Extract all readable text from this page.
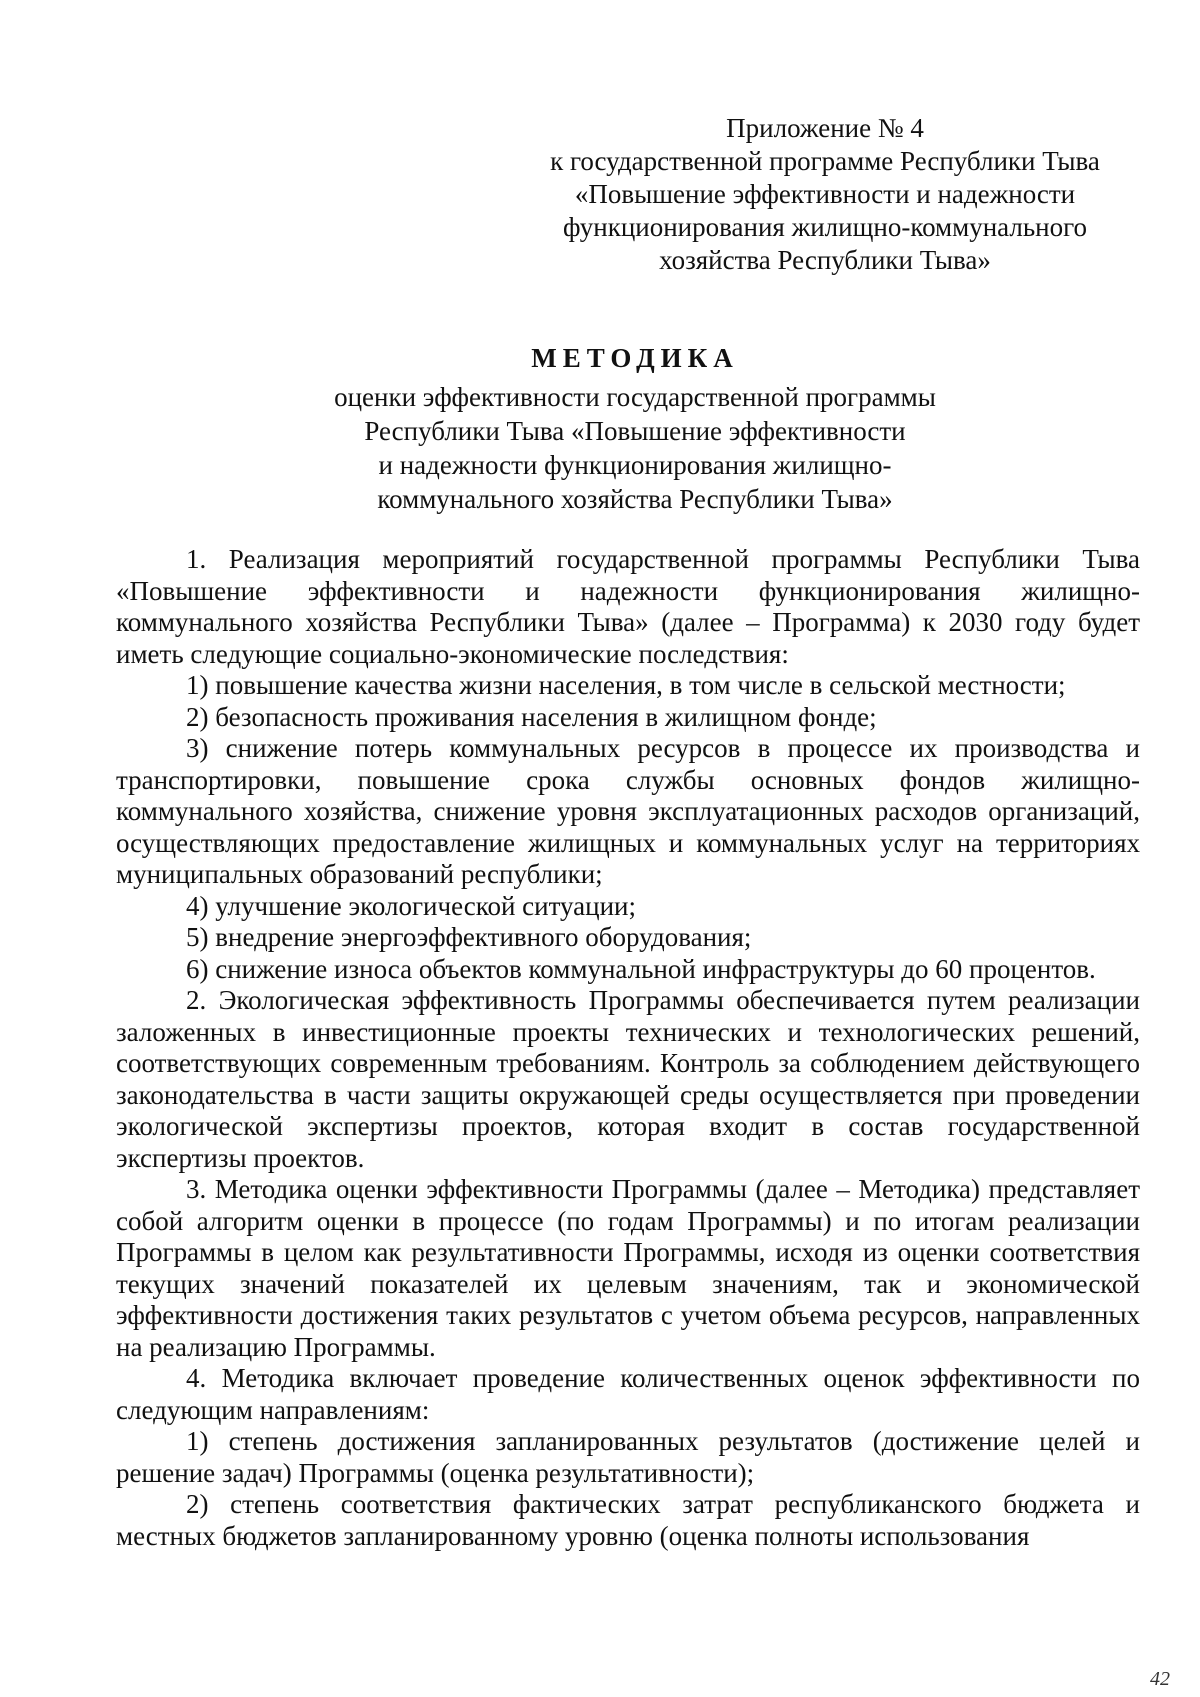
Приложение № 4
к государственной программе Республики Тыва
«Повышение эффективности и надежности
функционирования жилищно-коммунального
хозяйства Республики Тыва»
МЕТОДИКА
оценки эффективности государственной программы
Республики Тыва «Повышение эффективности
и надежности функционирования жилищно-
коммунального хозяйства Республики Тыва»

1. Реализация мероприятий государственной программы Республики Тыва «Повышение эффективности и надежности функционирования жилищно- коммунального хозяйства Республики Тыва» (далее – Программа) к 2030 году будет иметь следующие социально-экономические последствия:

1) повышение качества жизни населения, в том числе в сельской местности;

2) безопасность проживания населения в жилищном фонде;

3) снижение потерь коммунальных ресурсов в процессе их производства и транспортировки, повышение срока службы основных фондов жилищно-коммунального хозяйства, снижение уровня эксплуатационных расходов организаций, осуществляющих предоставление жилищных и коммунальных услуг на территориях муниципальных образований республики;

4) улучшение экологической ситуации;

5) внедрение энергоэффективного оборудования;

6) снижение износа объектов коммунальной инфраструктуры до 60 процентов.

2. Экологическая эффективность Программы обеспечивается путем реализации заложенных в инвестиционные проекты технических и технологических решений, соответствующих современным требованиям. Контроль за соблюдением действующего законодательства в части защиты окружающей среды осуществляется при проведении экологической экспертизы проектов, которая входит в состав государственной экспертизы проектов.

3. Методика оценки эффективности Программы (далее – Методика) представляет собой алгоритм оценки в процессе (по годам Программы) и по итогам реализации Программы в целом как результативности Программы, исходя из оценки соответствия текущих значений показателей их целевым значениям, так и экономической эффективности достижения таких результатов с учетом объема ресурсов, направленных на реализацию Программы.

4. Методика включает проведение количественных оценок эффективности по следующим направлениям:

1) степень достижения запланированных результатов (достижение целей и решение задач) Программы (оценка результативности);

2) степень соответствия фактических затрат республиканского бюджета и местных бюджетов запланированному уровню (оценка полноты использования

42
